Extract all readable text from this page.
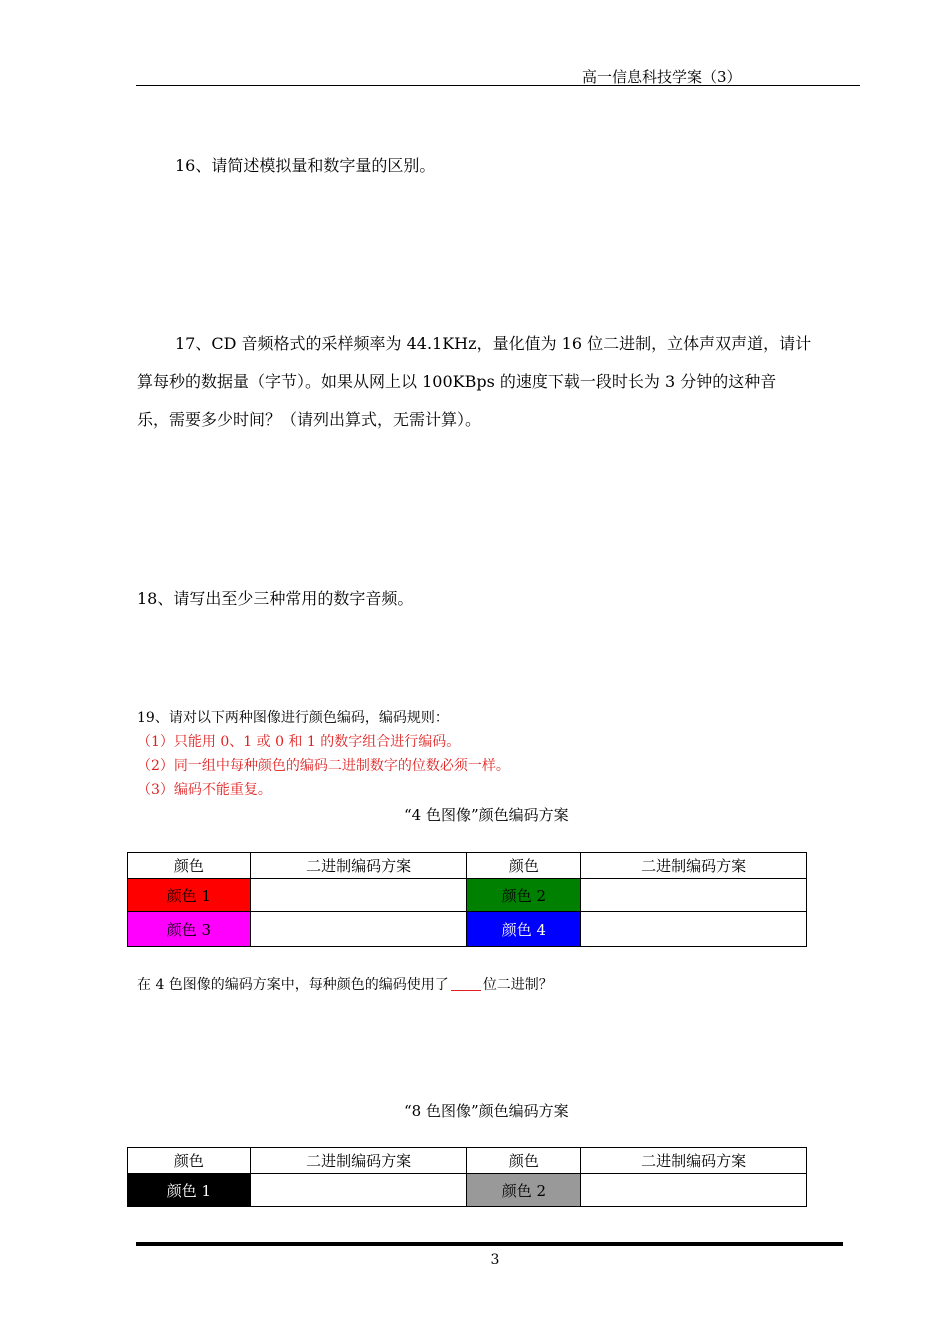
高一信息科技学案（3）
16、请简述模拟量和数字量的区别。

17、CD 音频格式的采样频率为 44.1KHz，量化值为 16 位二进制，立体声双声道，请计

算每秒的数据量（字节）。如果从网上以 100KBps 的速度下载一段时长为 3 分钟的这种音

乐，需要多少时间？（请列出算式，无需计算）。

18、请写出至少三种常用的数字音频。
19、请对以下两种图像进行颜色编码，编码规则：
（1）只能用 0、1 或 0 和 1 的数字组合进行编码。
（2）同一组中每种颜色的编码二进制数字的位数必须一样。
（3）编码不能重复。
“4 色图像”颜色编码方案
颜色	二进制编码方案	颜色	二进制编码方案
颜色 1		颜色 2	
颜色 3		颜色 4	
在 4 色图像的编码方案中，每种颜色的编码使用了 位二进制？
“8 色图像”颜色编码方案
颜色	二进制编码方案	颜色	二进制编码方案
颜色 1		颜色 2	
3
